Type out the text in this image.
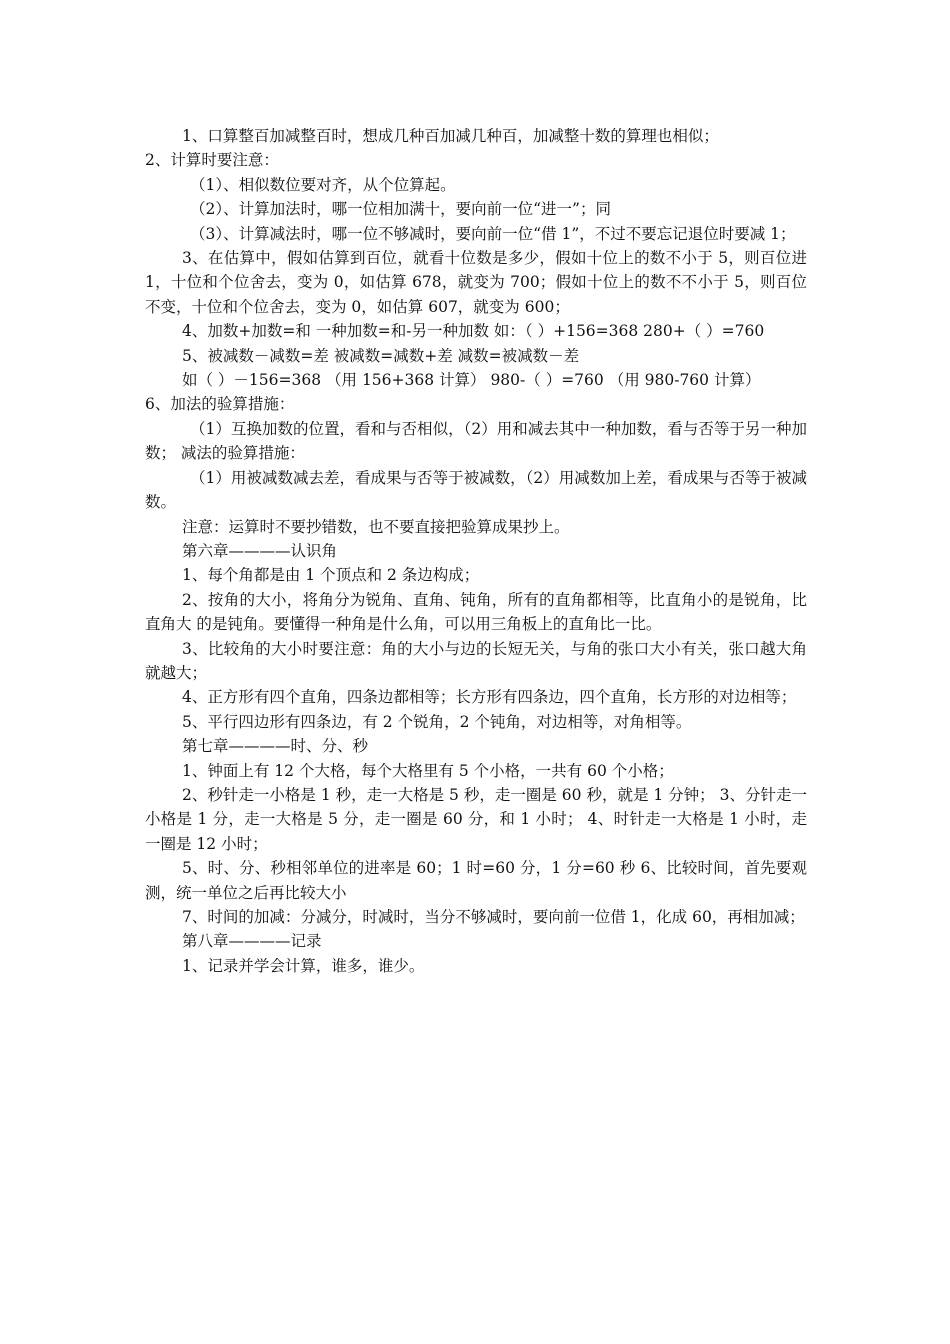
1、口算整百加减整百时，想成几种百加减几种百，加减整十数的算理也相似；

2、计算时要注意：

（1）、相似数位要对齐，从个位算起。

（2）、计算加法时，哪一位相加满十，要向前一位“进一”；同

（3）、计算减法时，哪一位不够减时，要向前一位“借 1”，不过不要忘记退位时要减 1；

3、在估算中，假如估算到百位，就看十位数是多少，假如十位上的数不小于 5，则百位进 1，十位和个位舍去，变为 0，如估算 678，就变为 700；假如十位上的数不不小于 5，则百位不变，十位和个位舍去，变为 0，如估算 607，就变为 600；

4、加数+加数=和 一种加数=和-另一种加数 如：（ ）+156=368 280+（ ）=760

5、被减数－减数=差 被减数=减数+差 减数=被减数－差

如（ ）－156=368 （用 156+368 计算） 980-（ ）=760 （用 980-760 计算）

6、加法的验算措施：

（1）互换加数的位置，看和与否相似，（2）用和减去其中一种加数，看与否等于另一种加数； 减法的验算措施：

（1）用被减数减去差，看成果与否等于被减数，（2）用减数加上差，看成果与否等于被减数。

注意：运算时不要抄错数，也不要直接把验算成果抄上。

第六章————认识角

1、每个角都是由 1 个顶点和 2 条边构成；

2、按角的大小，将角分为锐角、直角、钝角，所有的直角都相等，比直角小的是锐角，比直角大 的是钝角。要懂得一种角是什么角，可以用三角板上的直角比一比。

3、比较角的大小时要注意：角的大小与边的长短无关，与角的张口大小有关，张口越大角就越大；

4、正方形有四个直角，四条边都相等；长方形有四条边，四个直角，长方形的对边相等；

5、平行四边形有四条边，有 2 个锐角，2 个钝角，对边相等，对角相等。

第七章————时、分、秒

1、钟面上有 12 个大格，每个大格里有 5 个小格，一共有 60 个小格；

2、秒针走一小格是 1 秒，走一大格是 5 秒，走一圈是 60 秒，就是 1 分钟； 3、分针走一小格是 1 分，走一大格是 5 分，走一圈是 60 分，和 1 小时； 4、时针走一大格是 1 小时，走一圈是 12 小时；

5、时、分、秒相邻单位的进率是 60；1 时=60 分，1 分=60 秒 6、比较时间，首先要观测，统一单位之后再比较大小

7、时间的加减：分减分，时减时，当分不够减时，要向前一位借 1，化成 60，再相加减；

第八章————记录

1、记录并学会计算，谁多，谁少。
